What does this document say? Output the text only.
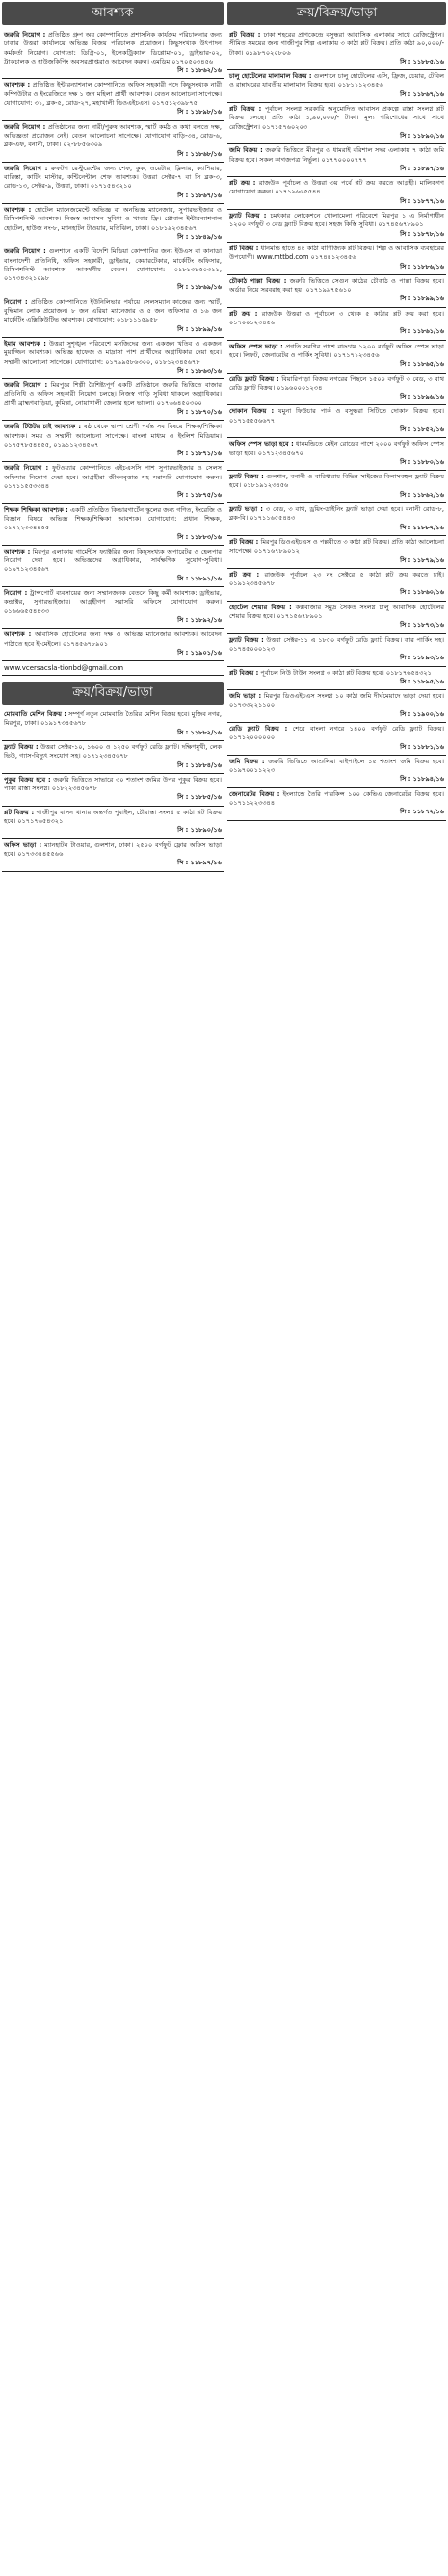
আবশ্যক
জরুরি নিয়োগ : প্রতিষ্ঠিত গ্রুপ অব কোম্পানিতে প্রশাসনিক কার্যক্রম পরিচালনার জন্য ঢাকার উত্তরা কার্যালয়ে অভিজ্ঞ বিজয় পরিচালক প্রয়োজন। কিছুসংখ্যক উৎপাদন কর্মকর্তা নিয়োগ। যোগ্যতা: ডিগ্রি-০১, ইলেকট্রিক্যাল ডিপ্লোমা-০১, ড্রাইভার-০২, ট্রাকচালক ও হাউজকিপিং অবসরপ্রাপ্তরাও আবেদন করুন। এমডিম ০১৭০৫০৩৪৫৬
সি : ১১৮৬২/১৬
আবশ্যক : প্রতিষ্ঠিত ইন্টারন্যাশনাল কোম্পানিতে অফিস সহকারী পদে কিছুসংখ্যক নারী কম্পিউটার ও ইংরেজিতে দক্ষ ১ জন মহিলা প্রার্থী আবশ্যক। বেতন আলোচনা সাপেক্ষে। যোগাযোগ: ৩১, ব্লক-৫, রোড-২৭, মহাখালী ডিওএইচএস। ০১৭৫১২৩৯৮৭৫
সি : ১১৮৯৮/১৬
জরুরি নিয়োগ : প্রতিষ্ঠানের জন্য নারী/পুরুষ আবশ্যক, স্মার্ট কর্মঠ ও কথা বলতে দক্ষ, অভিজ্ঞতা প্রয়োজন নেই। বেতন আলোচনা সাপেক্ষে। যোগাযোগ বাড়ি-৩৪, রোড-৬, ব্লক-এফ, বনানী, ঢাকা। ০২-৮৮৫৬৩০৯
সি : ১১৮৬৮/১৬
জরুরি নিয়োগ : রুফটপ রেস্টুরেন্টের জন্য শেফ, কুক, ওয়েটার, ক্লিনার, ক্যাশিয়ার, বারিস্তা, কাটিং মাস্টার, কন্টিনেন্টাল শেফ আবশ্যক। উত্তরা সেক্টর-৭ বা সি ব্লক-৩, রোড-১৩, সেক্টর-৯, উত্তরা, ঢাকা। ০১৭১৫৪৩২১০
সি : ১১৮৬৭/১৬
আবশ্যক : হোটেল ম্যানেজমেন্টে অভিজ্ঞ বা অনভিজ্ঞ ম্যানেজার, সুপারভাইজার ও রিসিপশনিস্ট আবশ্যক। নিজস্ব আবাসন সুবিধা ও খাবার ফ্রি। গ্লোবাল ইন্টারন্যাশনাল হোটেল, হাউজ নং-৮, ম্যানহাটন টাওয়ার, মতিঝিল, ঢাকা। ০১৮১৯২৩৪৫৬৭
সি : ১১৮৪৯/১৬
জরুরি নিয়োগ : গুলশানে একটি বিদেশি মিডিয়া কোম্পানির জন্য ইউএস বা কানাডা বাংলাদেশী প্রতিনিধি, অফিস সহকারী, ড্রাইভার, কেয়ারটেকার, মার্কেটিং অফিসার, রিসিপশনিস্ট আবশ্যক। আকর্ষণীয় বেতন। যোগাযোগ: ০১৮১৩৮৫০৩১১, ০১৭৩৪৩২১০৯৮
সি : ১১৮৬৯/১৬
নিয়োগ : প্রতিষ্ঠিত কোম্পানিতে ইউনিলিভার পর্যায়ে সেলসম্যান কাজের জন্য স্মার্ট, বুদ্ধিমান লোক প্রয়োজন। ৮ জন এরিয়া ম্যানেজার ও ৫ জন অফিসার ও ১৬ জন মার্কেটিং এক্সিকিউটিভ আবশ্যক। যোগাযোগ: ০১৮১১১৫৯৫৮
সি : ১১৮৯৯/১৬
ইমাম আবশ্যক : উত্তরা সুশৃঙ্খল পরিবেশে মসজিদের জন্য একজন খতিব ও একজন মুয়াজ্জিন আবশ্যক। অভিজ্ঞ হাফেজ ও মাদ্রাসা পাশ প্রার্থীদের অগ্রাধিকার দেয়া হবে। সম্মানী আলোচনা সাপেক্ষে। যোগাযোগ: ০১৭৯৯৫৮৬৩০০, ০১৮১২৩৪৫৬৭৮
সি : ১১৮৬৩/১৬
জরুরি নিয়োগ : মিরপুরে শিল্পী বৈশিষ্ট্যপূর্ণ একটি প্রতিষ্ঠানে জরুরি ভিত্তিতে বাজার প্রতিনিধি ও অফিস সহকারী নিয়োগ চলছে। নিজস্ব গাড়ি সুবিধা থাকলে অগ্রাধিকার। প্রার্থী ব্রাহ্মণবাড়িয়া, কুমিল্লা, নোয়াখালী জেলার হলে ভালো। ০১৭৬৬৪৫০৩০০
সি : ১১৮৭০/১৬
জরুরি টিউটর চাই আবশ্যক : ষষ্ঠ থেকে দ্বাদশ শ্রেণী পর্যন্ত সব বিষয়ে শিক্ষক/শিক্ষিকা আবশ্যক। সময় ও সম্মানী আলোচনা সাপেক্ষে। বাংলা মাধ্যম ও ইংলিশ মিডিয়াম। ০১৭৫৭৮৫৪৪৫৫, ০১৯১১২৩৪৫৬৭
সি : ১১৮৭১/১৬
জরুরি নিয়োগ : ফুটওয়্যার কোম্পানিতে এইচএসসি পাশ সুপারভাইজার ও সেলস অফিসার নিয়োগ দেয়া হবে। আগ্রহীরা জীবনবৃত্তান্ত সহ সরাসরি যোগাযোগ করুন। ০১৭১১৫৫৩৩৪৪
সি : ১১৮৭৫/১৬
শিক্ষক শিক্ষিকা আবশ্যক : একটি প্রতিষ্ঠিত কিন্ডারগার্টেন স্কুলের জন্য গণিত, ইংরেজি ও বিজ্ঞান বিষয়ে অভিজ্ঞ শিক্ষক/শিক্ষিকা আবশ্যক। যোগাযোগ: প্রধান শিক্ষক, ০১৭২২৩৩৪৪৫৫
সি : ১১৮৮৩/১৬
আবশ্যক : মিরপুর এলাকায় গার্মেন্টস ফ্যাক্টরির জন্য কিছুসংখ্যক অপারেটর ও হেলপার নিয়োগ দেয়া হবে। অভিজ্ঞদের অগ্রাধিকার, সার্বক্ষণিক সুযোগ-সুবিধা। ০১৯৭১২৩৪৫৬৭
সি : ১১৮৯১/১৬
নিয়োগ : ট্রান্সপোর্ট ব্যবসায়ের জন্য সম্মানজনক বেতনে কিছু কর্মী আবশ্যক: ড্রাইভার, কন্ডাক্টর, সুপারভাইজার। আগ্রহীগণ সরাসরি অফিসে যোগাযোগ করুন। ০১৬৬৬৫৫৪৪৩৩
সি : ১১৮৯২/১৬
আবশ্যক : আবাসিক হোটেলের জন্য দক্ষ ও অভিজ্ঞ ম্যানেজার আবশ্যক। আবেদন পাঠাতে হবে ই-মেইলে। ০১৭৪৫৬৭৮৯০১
সি : ১১৯০১/১৬
www.vcersacsla-tionbd@gmail.com
ক্রয়/বিক্রয়/ভাড়া
মোমবাতি মেশিন বিক্রয় : সম্পূর্ণ নতুন মোমবাতি তৈরির মেশিন বিক্রয় হবে। মুজিব নগর, মিরপুর, ঢাকা। ০১৯১৭৩৪৫৬৭৮
সি : ১১৮৮২/১৬
ফ্ল্যাট বিক্রয় : উত্তরা সেক্টর-১০, ১৬০০ ও ১২৫০ বর্গফুট রেডি ফ্ল্যাট। দক্ষিণমুখী, লেক ভিউ, গ্যাস-বিদ্যুৎ সংযোগ সহ। ০১৭১২৩৪৫৬৭৮
সি : ১১৮৮৪/১৬
পুকুর বিক্রয় হবে : জরুরি ভিত্তিতে সাভারে ৩০ শতাংশ জমির উপর পুকুর বিক্রয় হবে। পাকা রাস্তা সংলগ্ন। ০১৮২২৩৪৫৬৭৮
সি : ১১৮৮৫/১৬
প্লট বিক্রয় : গাজীপুর বাসন থানার অন্তর্গত পুবাইল, চৌরাস্তা সংলগ্ন ৫ কাঠা প্লট বিক্রয় হবে। ০১৭১৭৬৫৪৩২১
সি : ১১৮৯০/১৬
অফিস ভাড়া : ম্যানহাটন টাওয়ার, গুলশান, ঢাকা। ২৫০০ বর্গফুট ফ্লোর অফিস ভাড়া হবে। ০১৭৩৩৪৪৫৫৬৬
সি : ১১৮৯৭/১৬
ক্রয়/বিক্রয়/ভাড়া
প্লট বিক্রয় : ঢাকা শহরের প্রাণকেন্দ্রে বসুন্ধরা আবাসিক এলাকার সাথে রেজিস্ট্রেশন। সীমিত সময়ের জন্য গাজীপুর শিল্প এলাকায় ৩ কাঠা প্লট বিক্রয়। প্রতি কাঠা ৯০,০০০/- টাকা। ০১৯৮৭০২০৮০৬
সি : ১১৮৮৫/১৬
চালু হোটেলের মালামাল বিক্রয় : গুলশানে চালু হোটেলের এসি, ফ্রিজ, চেয়ার, টেবিল ও রান্নাঘরের যাবতীয় মালামাল বিক্রয় হবে। ০১৮১১১২৩৪৫৬
সি : ১১৮৬৭/১৬
প্লট বিক্রয় : পূর্বাচল সংলগ্ন সরকারি অনুমোদিত আবাসন প্রকল্পে রাস্তা সংলগ্ন প্লট বিক্রয় চলছে। প্রতি কাঠা ১,৯০,০০০/- টাকা। মূল্য পরিশোধের সাথে সাথে রেজিস্ট্রেশন। ০১৭১৫৭৬০২০৩
সি : ১১৮৯০/১৬
জমি বিক্রয় : জরুরি ভিত্তিতে মীরপুর ও ধামরাই বরিশাল সদর এলাকায় ৭ কাঠা জমি বিক্রয় হবে। সকল কাগজপত্র নির্ভুল। ০১৭৭০০০০৭৭৭
সি : ১১৮৯৭/১৬
প্লট ক্রয় : রাজউক পূর্বাচল ও উত্তরা ৩য় পর্বে প্লট ক্রয় করতে আগ্রহী। মালিকগণ যোগাযোগ করুন। ০১৭১৯৬৬৫৫৪৪
সি : ১১৮৭৭/১৬
ফ্ল্যাট বিক্রয় : চমৎকার লোকেশনে খোলামেলা পরিবেশে মিরপুর ১ এ নির্মাণাধীন ১২০০ বর্গফুট ৩ বেড ফ্ল্যাট বিক্রয় হবে। সহজ কিস্তি সুবিধা। ০১৭৪৫৬৭৮৯০১
সি : ১১৮৭৮/১৬
প্লট বিক্রয় : ধানমন্ডি হাতে ৪৫ কাঠা বাণিজ্যিক প্লট বিক্রয়। শিল্প ও আবাসিক ব্যবহারের উপযোগী। www.mttbd.com ০১৭৪৪১২৩৪৫৬
সি : ১১৮৮৬/১৬
চৌকাঠ পাল্লা বিক্রয় : জরুরি ভিত্তিতে সেগুন কাঠের চৌকাঠ ও পাল্লা বিক্রয় হবে। অর্ডার নিয়ে সরবরাহ করা হয়। ০১৭১৯৯৭৫৬১০
সি : ১১৮৯৯/১৬
প্লট ক্রয় : রাজউক উত্তরা ও পূর্বাচলে ৩ থেকে ৫ কাঠার প্লট ক্রয় করা হবে। ০১৭০০১২৩৪৫৬
সি : ১১৮৬১/১৬
অফিস স্পেস ভাড়া : প্রগতি সরণির পাশে বাড্ডায় ১২০০ বর্গফুট অফিস স্পেস ভাড়া হবে। লিফট, জেনারেটর ও পার্কিং সুবিধা। ০১৭১৭১২৩৪৫৬
সি : ১১৮৬৫/১৬
রেডি ফ্ল্যাট বিক্রয় : বিয়ারিপাড়া বিজয় নগরের পিছনে ১৫০০ বর্গফুট ৩ বেড, ৩ বাথ রেডি ফ্ল্যাট বিক্রয়। ০১৯৬০০০১২৩৪
সি : ১১৮৯৬/১৬
দোকান বিক্রয় : যমুনা ফিউচার পার্ক ও বসুন্ধরা সিটিতে দোকান বিক্রয় হবে। ০১৭১৫৫৫৬৬৭৭
সি : ১১৮৫২/১৬
অফিস স্পেস ভাড়া হবে : ধানমন্ডিতে মেইন রোডের পাশে ২০০০ বর্গফুট অফিস স্পেস ভাড়া হবে। ০১৭১২৩৪৫৬৭০
সি : ১১৮৮০/১৬
ফ্ল্যাট বিক্রয় : গুলশান, বনানী ও বারিধারায় বিভিন্ন সাইজের বিলাসবহুল ফ্ল্যাট বিক্রয় হবে। ০১৮১৯১২৩৪৫৬
সি : ১১৮৬২/১৬
ফ্ল্যাট ভাড়া : ৩ বেড, ৩ বাথ, ড্রয়িং-ডাইনিং ফ্ল্যাট ভাড়া দেয়া হবে। বনানী রোড-৮, ব্লক-বি। ০১৭১১৬৫৫৪৪৩
সি : ১১৮৮৭/১৬
প্লট বিক্রয় : মিরপুর ডিওএইচএস ও পল্লবীতে ৩ কাঠা প্লট বিক্রয়। প্রতি কাঠা আলোচনা সাপেক্ষে। ০১৭১৬৭৮৯০১২
সি : ১১৮৭৯/১৬
প্লট ক্রয় : রাজউক পূর্বাচল ২৩ নং সেক্টরে ৫ কাঠা প্লট ক্রয় করতে চাই। ০১৯১২৩৪৫৬৭৮
সি : ১১৮৬০/১৬
হোটেল শেয়ার বিক্রয় : কক্সবাজার সমুদ্র সৈকত সংলগ্ন চালু আবাসিক হোটেলের শেয়ার বিক্রয় হবে। ০১৭১৫৬৭৮৯০১
সি : ১১৮৭৩/১৬
ফ্ল্যাট বিক্রয় : উত্তরা সেক্টর-১১ এ ১৮৫০ বর্গফুট রেডি ফ্ল্যাট বিক্রয়। কার পার্কিং সহ। ০১৭৪৫০০০১২৩
সি : ১১৮৯৩/১৬
প্লট বিক্রয় : পূর্বাচল নিউ টাউন সংলগ্ন ৩ কাঠা প্লট বিক্রয় হবে। ০১৮১৭৬৫৪৩২১
সি : ১১৮৯৫/১৬
জমি ভাড়া : মিরপুর ডিওএইচএস সংলগ্ন ১০ কাঠা জমি দীর্ঘমেয়াদে ভাড়া দেয়া হবে। ০১৭৩৩২২১১০০
সি : ১১৯০০/১৬
রেডি ফ্ল্যাট বিক্রয় : শেরে বাংলা নগরে ১৪০০ বর্গফুট রেডি ফ্ল্যাট বিক্রয়। ০১৭১২০০০০০০
সি : ১১৮৮১/১৬
জমি বিক্রয় : জরুরি ভিত্তিতে আশুলিয়া বাইপাইলে ১৫ শতাংশ জমি বিক্রয় হবে। ০১৯৭০০১১২২৩
সি : ১১৮৯৪/১৬
জেনারেটর বিক্রয় : ইংল্যান্ডে তৈরি পারকিন্স ১০০ কেভিএ জেনারেটর বিক্রয় হবে। ০১৭১১২২৩৩৪৪
সি : ১১৮৭২/১৬
